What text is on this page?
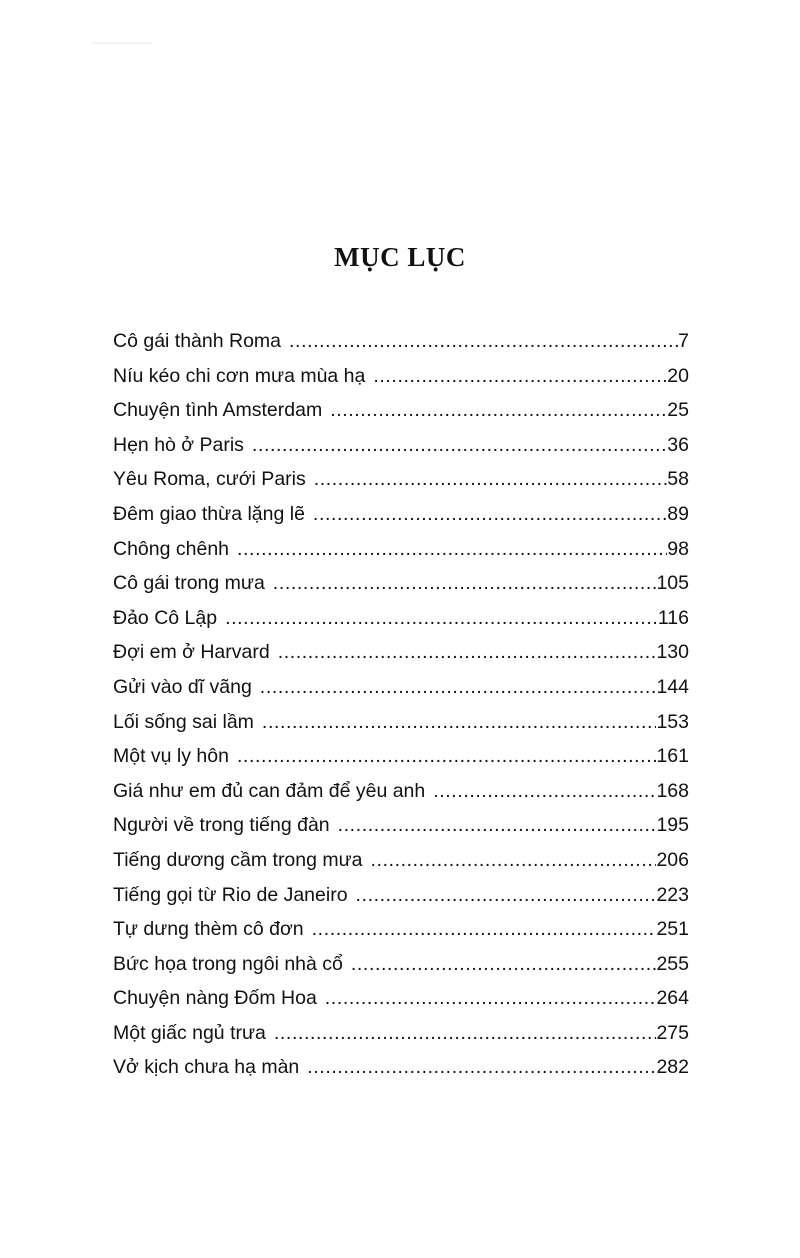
MỤC LỤC
Cô gái thành Roma .....	7
Níu kéo chi cơn mưa mùa hạ .....	20
Chuyện tình Amsterdam .....	25
Hẹn hò ở Paris .....	36
Yêu Roma, cưới Paris .....	58
Đêm giao thừa lặng lẽ .....	89
Chông chênh .....	98
Cô gái trong mưa .....	105
Đảo Cô Lập .....	116
Đợi em ở Harvard .....	130
Gửi vào dĩ vãng .....	144
Lối sống sai lầm .....	153
Một vụ ly hôn .....	161
Giá như em đủ can đảm để yêu anh .....	168
Người về trong tiếng đàn .....	195
Tiếng dương cầm trong mưa .....	206
Tiếng gọi từ Rio de Janeiro .....	223
Tự dưng thèm cô đơn .....	251
Bức họa trong ngôi nhà cổ .....	255
Chuyện nàng Đốm Hoa .....	264
Một giấc ngủ trưa .....	275
Vở kịch chưa hạ màn .....	282
